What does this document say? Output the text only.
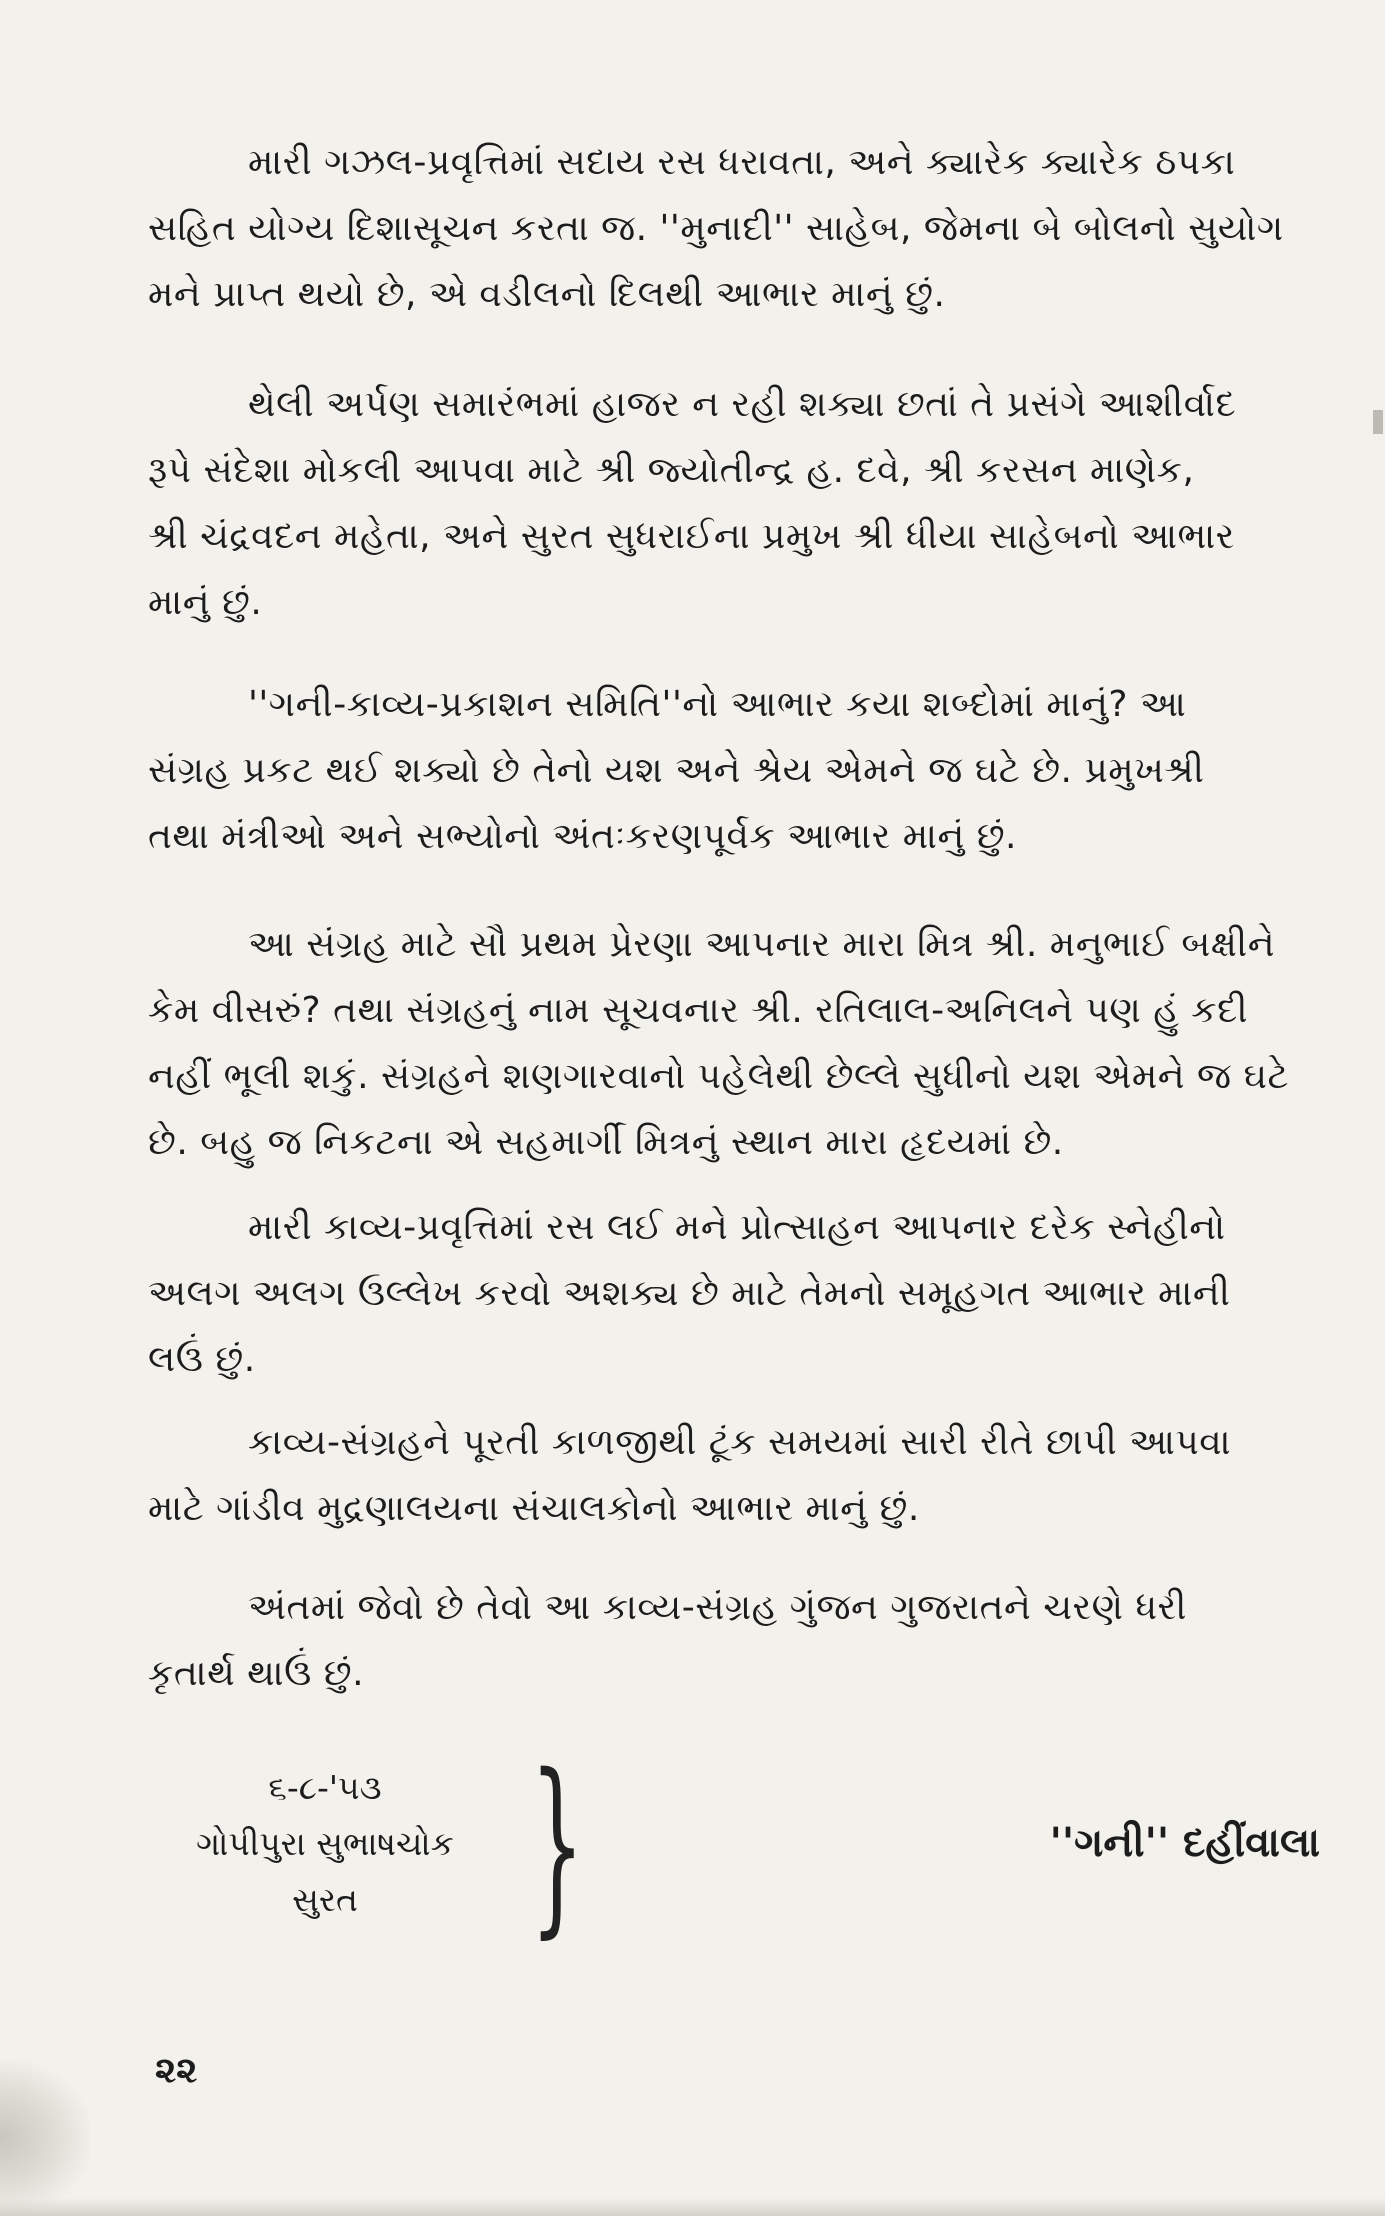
મારી ગઝલ-પ્રવૃત્તિમાં સદાય રસ ધરાવતા, અને ક્યારેક ક્યારેક ઠપકા
સહિત યોગ્ય દિશાસૂચન કરતા જ. ''મુનાદી'' સાહેબ, જેમના બે બોલનો સુયોગ
મને પ્રાપ્ત થયો છે, એ વડીલનો દિલથી આભાર માનું છું.
થેલી અર્પણ સમારંભમાં હાજર ન રહી શક્યા છતાં તે પ્રસંગે આશીર્વાદ
રૂપે સંદેશા મોકલી આપવા માટે શ્રી જ્યોતીન્દ્ર હ. દવે, શ્રી કરસન માણેક,
શ્રી ચંદ્રવદન મહેતા, અને સુરત સુધરાઈના પ્રમુખ શ્રી ધીયા સાહેબનો આભાર
માનું છું.
''ગની-કાવ્ય-પ્રકાશન સમિતિ''નો આભાર કયા શબ્દોમાં માનું? આ
સંગ્રહ પ્રકટ થઈ શક્યો છે તેનો યશ અને શ્રેય એમને જ ઘટે છે. પ્રમુખશ્રી
તથા મંત્રીઓ અને સભ્યોનો અંતઃકરણપૂર્વક આભાર માનું છું.
આ સંગ્રહ માટે સૌ પ્રથમ પ્રેરણા આપનાર મારા મિત્ર શ્રી. મનુભાઈ બક્ષીને
કેમ વીસરું? તથા સંગ્રહનું નામ સૂચવનાર શ્રી. રતિલાલ-અનિલને પણ હું કદી
નહીં ભૂલી શકું. સંગ્રહને શણગારવાનો પહેલેથી છેલ્લે સુધીનો યશ એમને જ ઘટે
છે. બહુ જ નિકટના એ સહમાર્ગી મિત્રનું સ્થાન મારા હૃદયમાં છે.
મારી કાવ્ય-પ્રવૃત્તિમાં રસ લઈ મને પ્રોત્સાહન આપનાર દરેક સ્નેહીનો
અલગ અલગ ઉલ્લેખ કરવો અશક્ય છે માટે તેમનો સમૂહગત આભાર માની
લઉં છું.
કાવ્ય-સંગ્રહને પૂરતી કાળજીથી ટૂંક સમયમાં સારી રીતે છાપી આપવા
માટે ગાંડીવ મુદ્રણાલયના સંચાલકોનો આભાર માનું છું.
અંતમાં જેવો છે તેવો આ કાવ્ય-સંગ્રહ ગુંજન ગુજરાતને ચરણે ધરી
કૃતાર્થ થાઉં છું.
૬-૮-'૫૩
ગોપીપુરા સુભાષચોક
સુરત }	''ગની'' દહીંવાલા
૨૨
